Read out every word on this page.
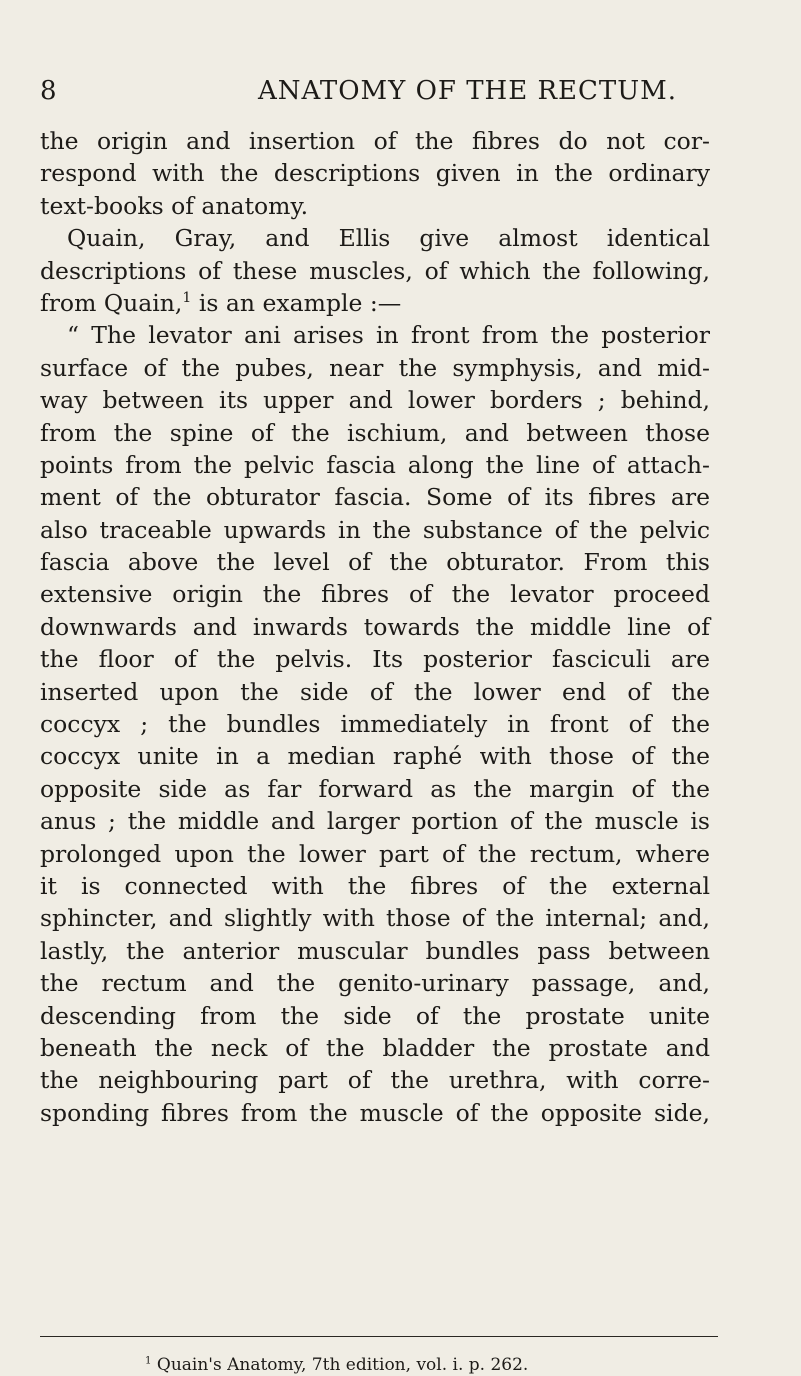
8	ANATOMY OF THE RECTUM.
the origin and insertion of the fibres do not cor-
respond with the descriptions given in the ordinary
text-books of anatomy.
Quain, Gray, and Ellis give almost identical
descriptions of these muscles, of which the following,
from Quain,$^1$ is an example :—
“ The levator ani arises in front from the posterior
surface of the pubes, near the symphysis, and mid-
way between its upper and lower borders ; behind,
from the spine of the ischium, and between those
points from the pelvic fascia along the line of attach-
ment of the obturator fascia. Some of its fibres are
also traceable upwards in the substance of the pelvic
fascia above the level of the obturator. From this
extensive origin the fibres of the levator proceed
downwards and inwards towards the middle line of
the floor of the pelvis. Its posterior fasciculi are
inserted upon the side of the lower end of the
coccyx ; the bundles immediately in front of the
coccyx unite in a median raphé with those of the
opposite side as far forward as the margin of the
anus ; the middle and larger portion of the muscle is
prolonged upon the lower part of the rectum, where
it is connected with the fibres of the external
sphincter, and slightly with those of the internal; and,
lastly, the anterior muscular bundles pass between
the rectum and the genito-urinary passage, and,
descending from the side of the prostate unite
beneath the neck of the bladder the prostate and
the neighbouring part of the urethra, with corre-
sponding fibres from the muscle of the opposite side,
$^1$ Quain's Anatomy, 7th edition, vol. i. p. 262.
